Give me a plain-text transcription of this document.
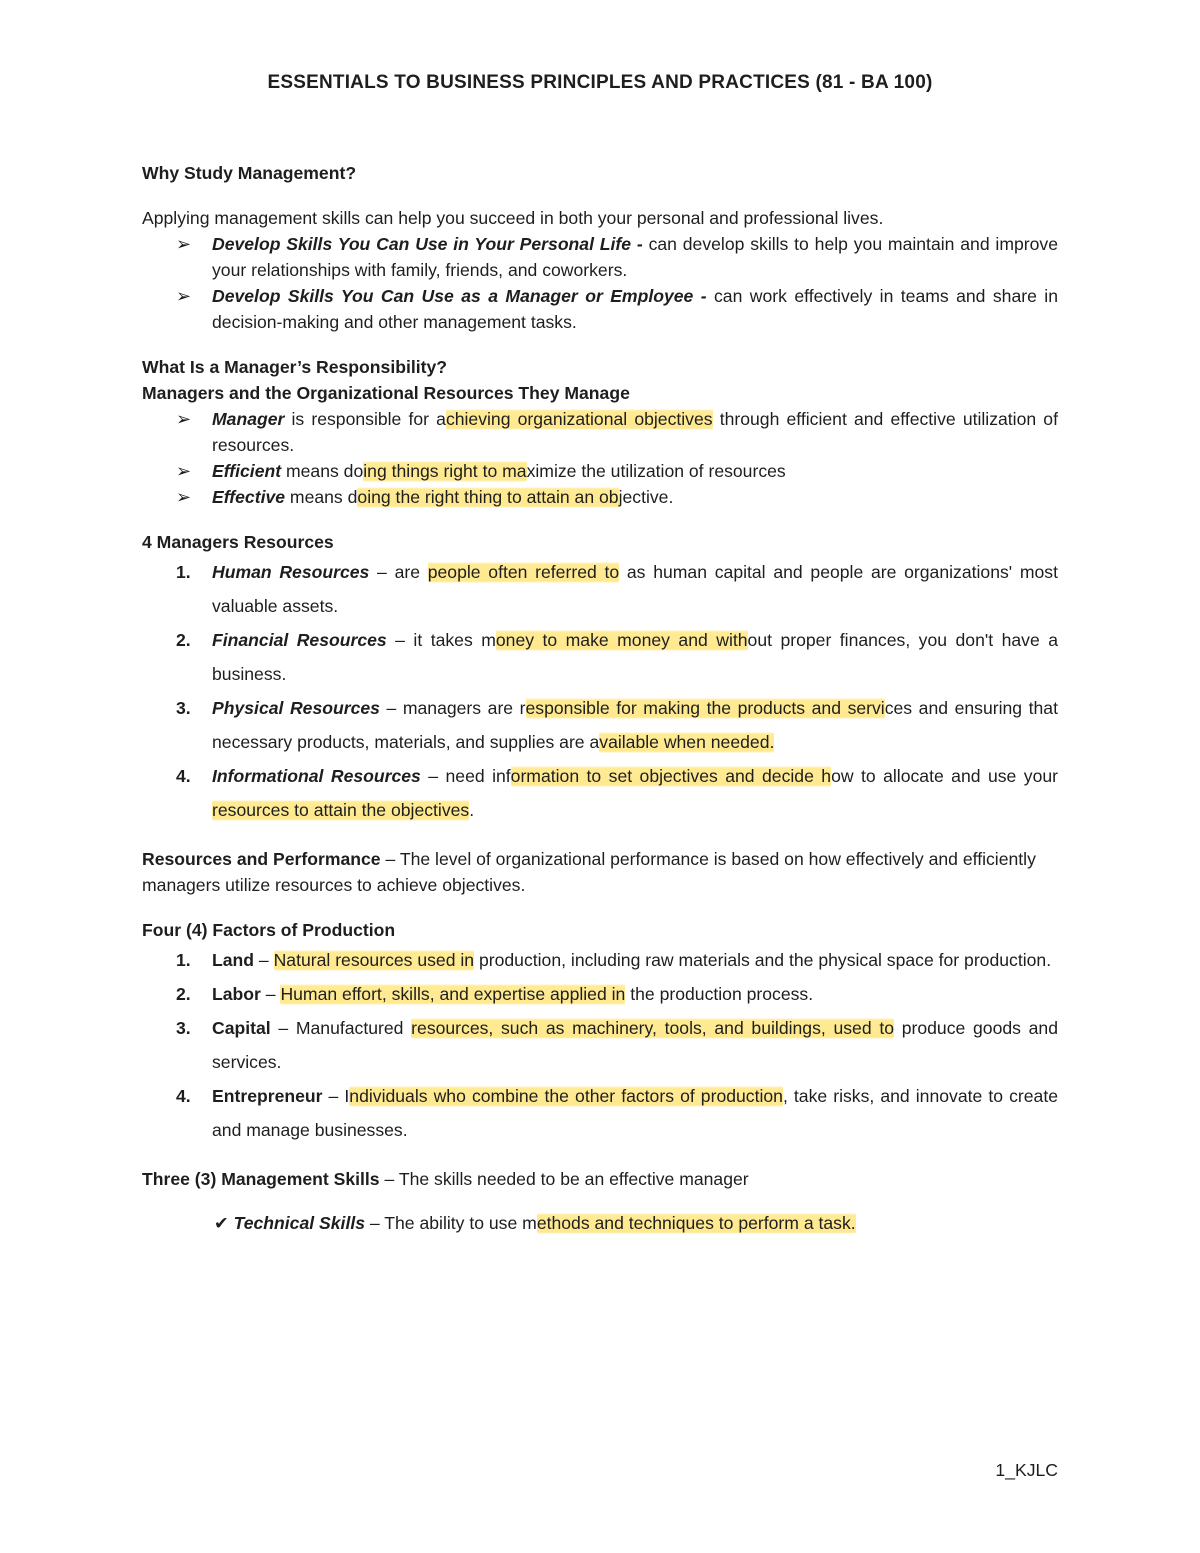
ESSENTIALS TO BUSINESS PRINCIPLES AND PRACTICES (81 - BA 100)

Why Study Management?

Applying management skills can help you succeed in both your personal and professional lives.

➢ Develop Skills You Can Use in Your Personal Life - can develop skills to help you maintain and improve your relationships with family, friends, and coworkers.
➢ Develop Skills You Can Use as a Manager or Employee - can work effectively in teams and share in decision-making and other management tasks.

What Is a Manager’s Responsibility?

Managers and the Organizational Resources They Manage

➢ Manager is responsible for achieving organizational objectives through efficient and effective utilization of resources.
➢ Efficient means doing things right to maximize the utilization of resources
➢ Effective means doing the right thing to attain an objective.

4 Managers Resources

1. Human Resources – are people often referred to as human capital and people are organizations' most valuable assets.
2. Financial Resources – it takes money to make money and without proper finances, you don't have a business.
3. Physical Resources – managers are responsible for making the products and services and ensuring that necessary products, materials, and supplies are available when needed.
4. Informational Resources – need information to set objectives and decide how to allocate and use your resources to attain the objectives.

Resources and Performance – The level of organizational performance is based on how effectively and efficiently managers utilize resources to achieve objectives.

Four (4) Factors of Production

1. Land – Natural resources used in production, including raw materials and the physical space for production.
2. Labor – Human effort, skills, and expertise applied in the production process.
3. Capital – Manufactured resources, such as machinery, tools, and buildings, used to produce goods and services.
4. Entrepreneur – Individuals who combine the other factors of production, take risks, and innovate to create and manage businesses.

Three (3) Management Skills – The skills needed to be an effective manager

✔ Technical Skills – The ability to use methods and techniques to perform a task.

1_KJLC
